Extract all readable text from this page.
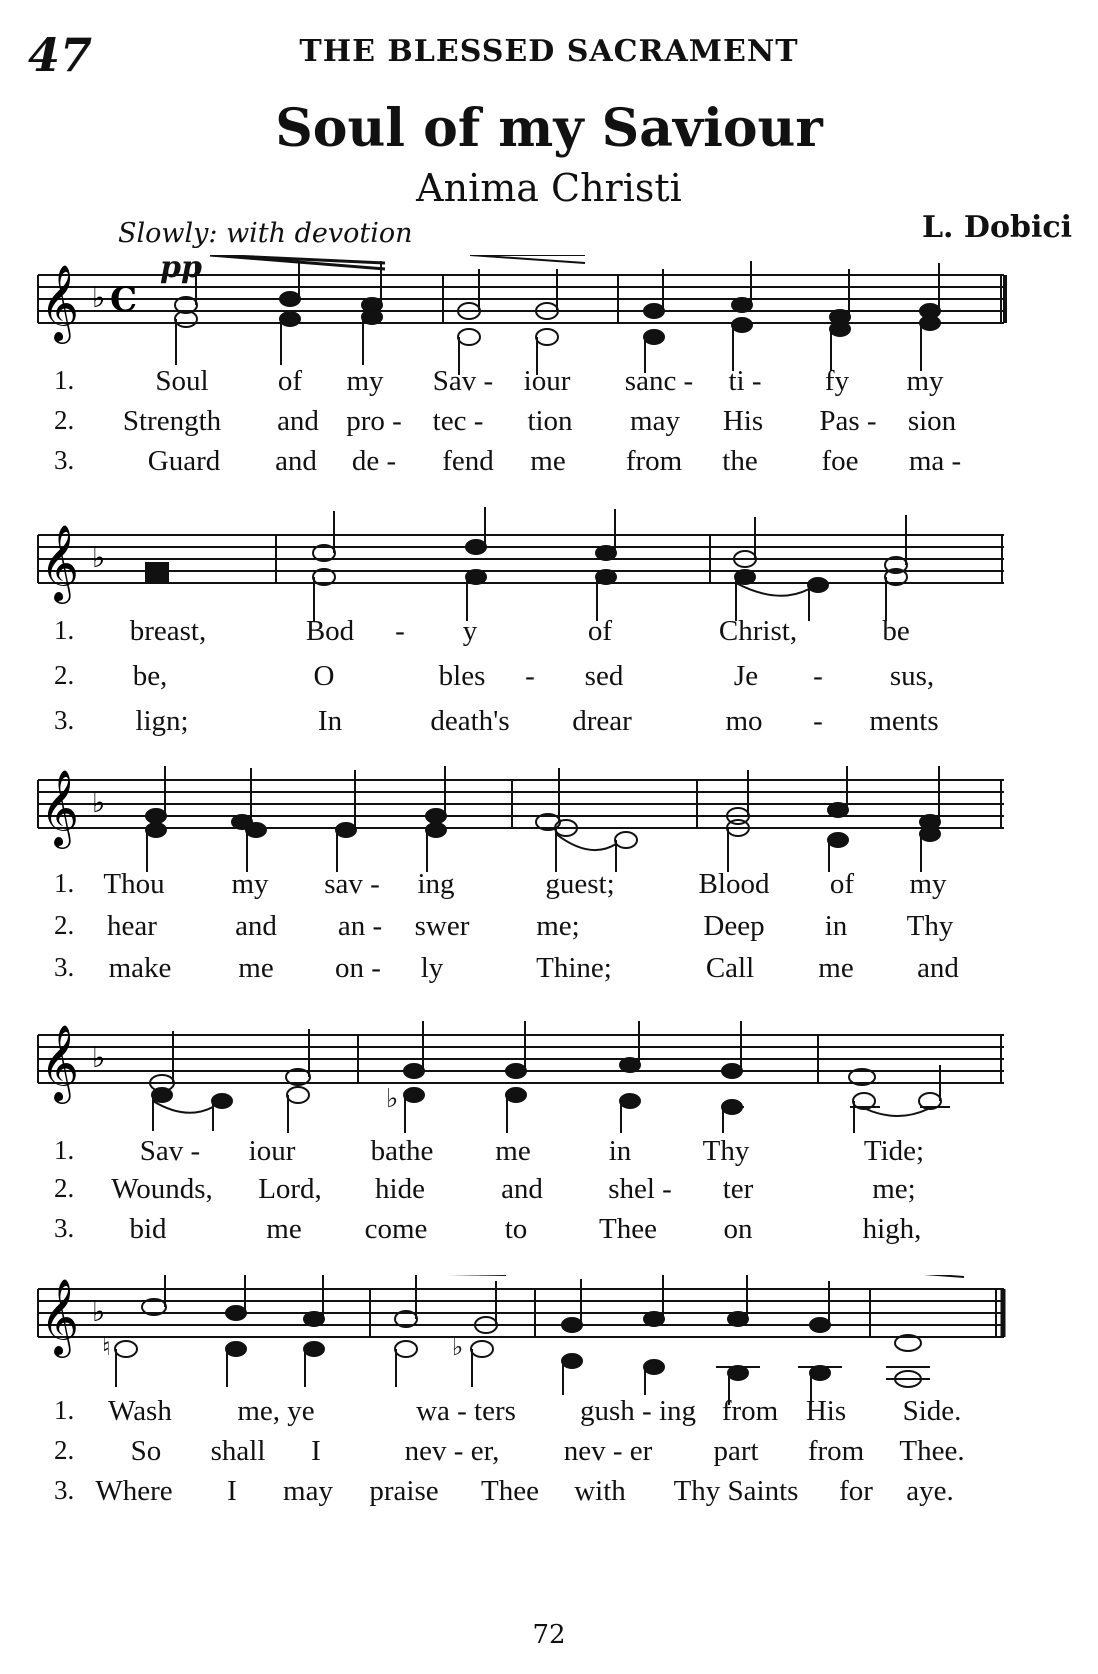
47	THE BLESSED SACRAMENT
Soul of my Saviour
Anima Christi
Slowly: with devotion
pp
L. Dobici
𝄞 ♭ C
1.	Soul of my Sav - iour sanc - ti - fy my
2. Strength and pro - tec - tion may His Pas - sion
3.	Guard and de - fend me from the foe ma -
𝄞 ♭
1. breast,	Bod - y	of	Christ,	be
2. be,	O	bles - sed	Je - sus,
3. lign;	In	death's drear	mo - ments
𝄞 ♭
1. Thou my sav - ing	guest;	Blood of my
2. hear	and an - swer me;	Deep in Thy
3. make me on - ly	Thine;	Call me and
𝄞 ♭
♭
1. Sav - iour	bathe me	in Thy	Tide;
2. Wounds, Lord, hide	and shel - ter	me;
3. bid	me come	to Thee on	high,
𝄞 ♭
♮	♭
1. Wash me, ye	wa - ters gush - ing from His Side.
2. So shall I	nev - er, nev - er part from Thee.
3. Where I may praise Thee with Thy Saints for aye.
72
